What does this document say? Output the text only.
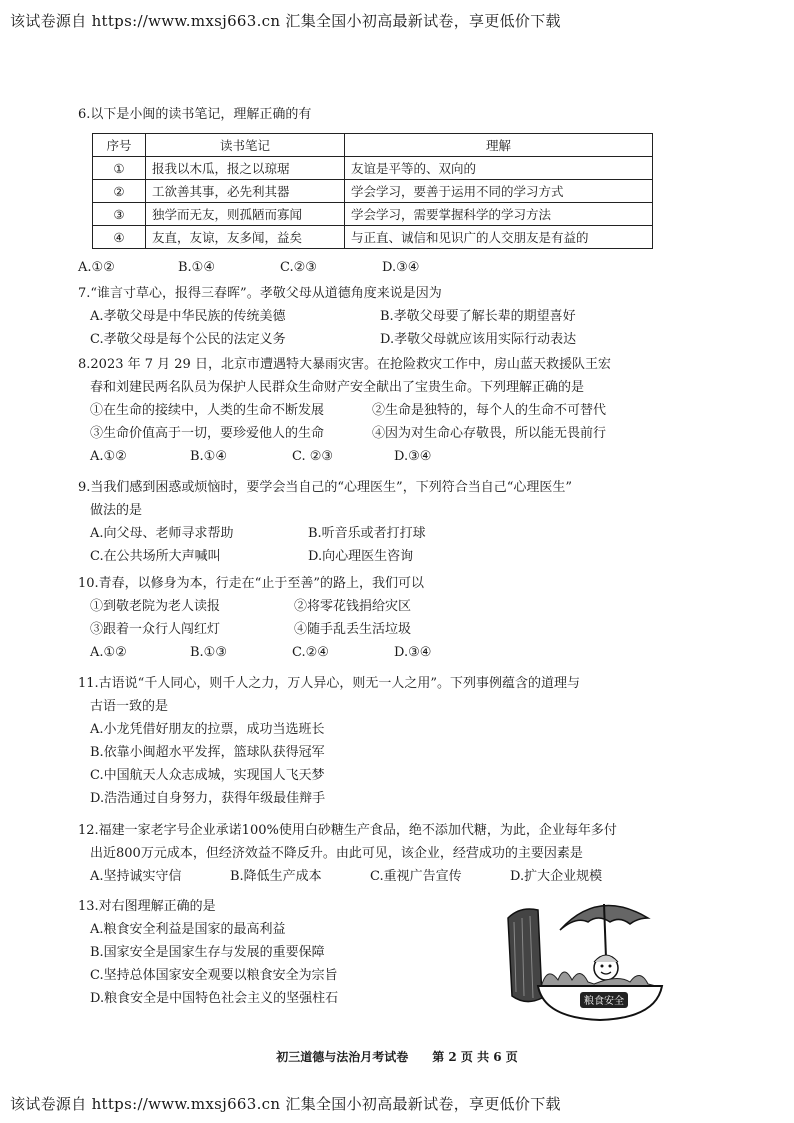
该试卷源自 https://www.mxsj663.cn 汇集全国小初高最新试卷，享更低价下载
6.以下是小闽的读书笔记，理解正确的有
序号	读书笔记	理解
①	报我以木瓜，报之以琼琚	友谊是平等的、双向的
②	工欲善其事，必先利其器	学会学习，要善于运用不同的学习方式
③	独学而无友，则孤陋而寡闻	学会学习，需要掌握科学的学习方法
④	友直，友谅，友多闻，益矣	与正直、诚信和见识广的人交朋友是有益的
A.①②	B.①④	C.②③	D.③④
7.“谁言寸草心，报得三春晖”。孝敬父母从道德角度来说是因为
A.孝敬父母是中华民族的传统美德	B.孝敬父母要了解长辈的期望喜好
C.孝敬父母是每个公民的法定义务	D.孝敬父母就应该用实际行动表达
8.2023 年 7 月 29 日，北京市遭遇特大暴雨灾害。在抢险救灾工作中，房山蓝天救援队王宏
春和刘建民两名队员为保护人民群众生命财产安全献出了宝贵生命。下列理解正确的是
①在生命的接续中，人类的生命不断发展	②生命是独特的，每个人的生命不可替代
③生命价值高于一切，要珍爱他人的生命	④因为对生命心存敬畏，所以能无畏前行
A.①②	B.①④	C. ②③	D.③④
9.当我们感到困惑或烦恼时，要学会当自己的“心理医生”，下列符合当自己“心理医生”
做法的是
A.向父母、老师寻求帮助	B.听音乐或者打打球
C.在公共场所大声喊叫	D.向心理医生咨询
10.青春，以修身为本，行走在“止于至善”的路上，我们可以
①到敬老院为老人读报	②将零花钱捐给灾区
③跟着一众行人闯红灯	④随手乱丢生活垃圾
A.①②	B.①③	C.②④	D.③④
11.古语说“千人同心，则千人之力，万人异心，则无一人之用”。下列事例蕴含的道理与
古语一致的是
A.小龙凭借好朋友的拉票，成功当选班长
B.依靠小闽超水平发挥，篮球队获得冠军
C.中国航天人众志成城，实现国人飞天梦
D.浩浩通过自身努力，获得年级最佳辩手
12.福建一家老字号企业承诺100%使用白砂糖生产食品，绝不添加代糖，为此，企业每年多付
出近800万元成本，但经济效益不降反升。由此可见，该企业，经营成功的主要因素是
A.坚持诚实守信	B.降低生产成本	C.重视广告宣传	D.扩大企业规模
13.对右图理解正确的是
A.粮食安全利益是国家的最高利益
B.国家安全是国家生存与发展的重要保障
C.坚持总体国家安全观要以粮食安全为宗旨
D.粮食安全是中国特色社会主义的坚强柱石	粮食安全
初三道德与法治月考试卷　　第 2 页 共 6 页
该试卷源自 https://www.mxsj663.cn 汇集全国小初高最新试卷，享更低价下载
